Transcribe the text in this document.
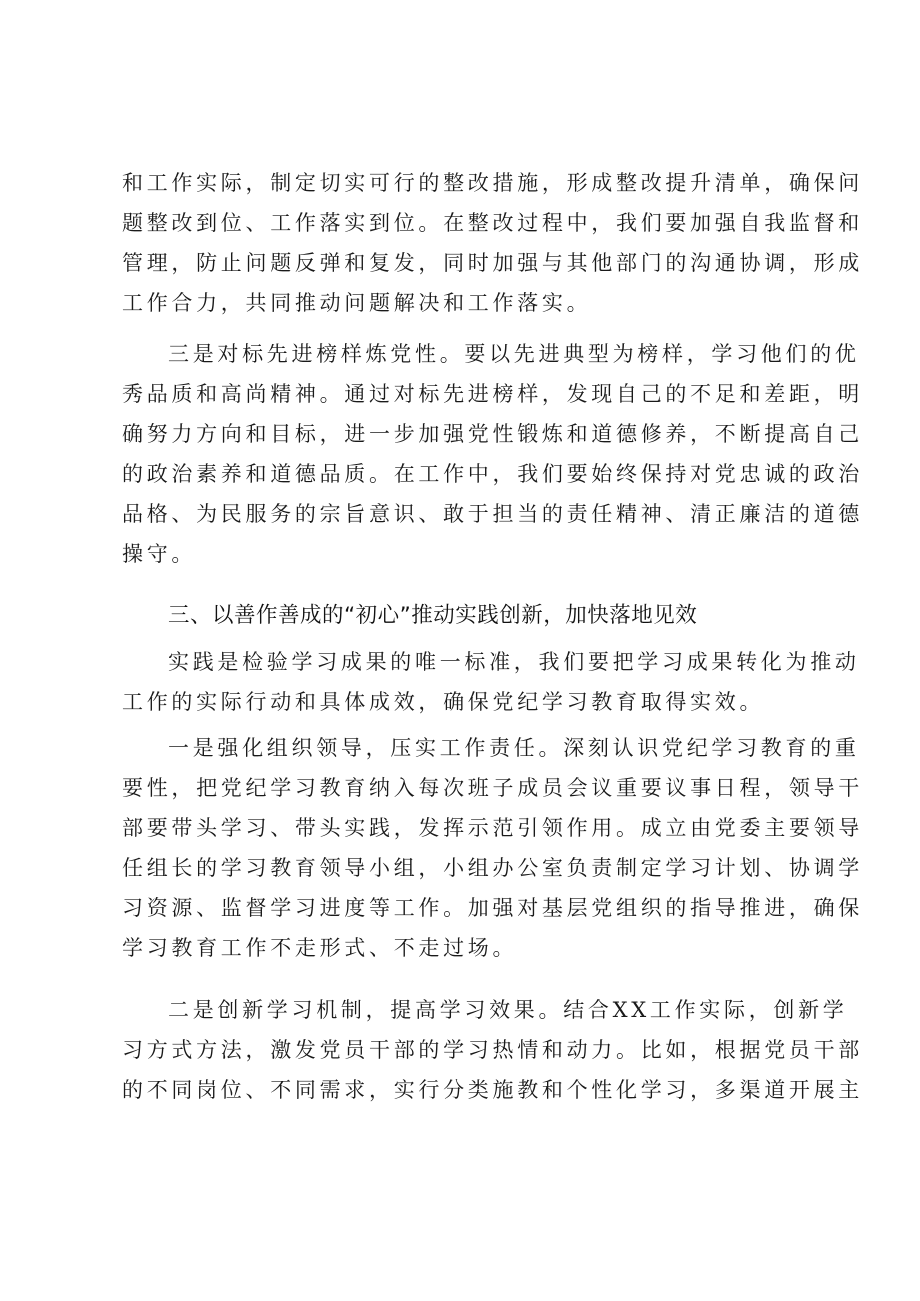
和工作实际，制定切实可行的整改措施，形成整改提升清单，确保问
题整改到位、工作落实到位。在整改过程中，我们要加强自我监督和
管理，防止问题反弹和复发，同时加强与其他部门的沟通协调，形成
工作合力，共同推动问题解决和工作落实。
三是对标先进榜样炼党性。要以先进典型为榜样，学习他们的优
秀品质和高尚精神。通过对标先进榜样，发现自己的不足和差距，明
确努力方向和目标，进一步加强党性锻炼和道德修养，不断提高自己
的政治素养和道德品质。在工作中，我们要始终保持对党忠诚的政治
品格、为民服务的宗旨意识、敢于担当的责任精神、清正廉洁的道德
操守。
三、以善作善成的“初心”推动实践创新，加快落地见效
实践是检验学习成果的唯一标准，我们要把学习成果转化为推动
工作的实际行动和具体成效，确保党纪学习教育取得实效。
一是强化组织领导，压实工作责任。深刻认识党纪学习教育的重
要性，把党纪学习教育纳入每次班子成员会议重要议事日程，领导干
部要带头学习、带头实践，发挥示范引领作用。成立由党委主要领导
任组长的学习教育领导小组，小组办公室负责制定学习计划、协调学
习资源、监督学习进度等工作。加强对基层党组织的指导推进，确保
学习教育工作不走形式、不走过场。
二是创新学习机制，提高学习效果。结合XX工作实际，创新学
习方式方法，激发党员干部的学习热情和动力。比如，根据党员干部
的不同岗位、不同需求，实行分类施教和个性化学习，多渠道开展主
